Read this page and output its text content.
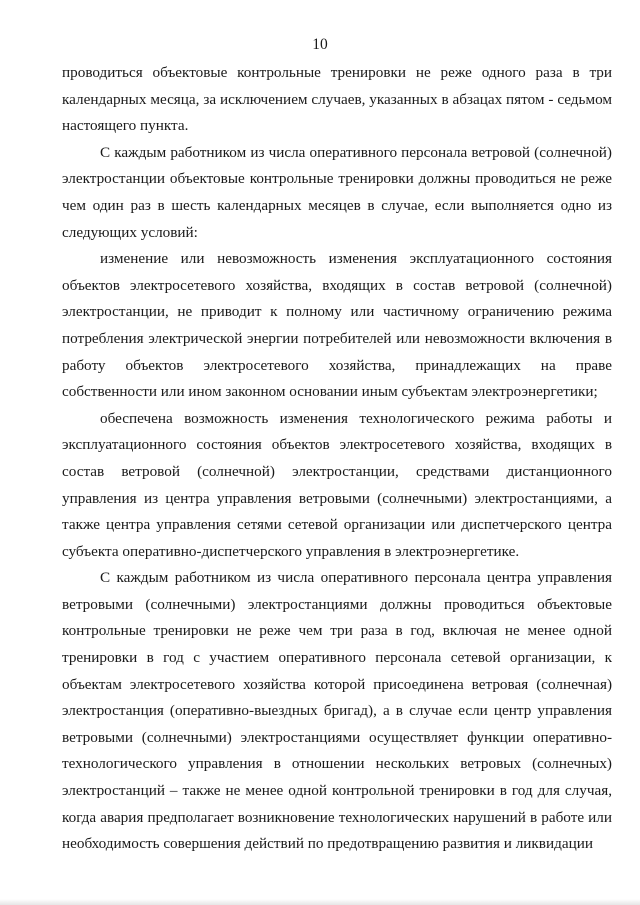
10

проводиться объектовые контрольные тренировки не реже одного раза в три календарных месяца, за исключением случаев, указанных в абзацах пятом - седьмом настоящего пункта.

С каждым работником из числа оперативного персонала ветровой (солнечной) электростанции объектовые контрольные тренировки должны проводиться не реже чем один раз в шесть календарных месяцев в случае, если выполняется одно из следующих условий:

изменение или невозможность изменения эксплуатационного состояния объектов электросетевого хозяйства, входящих в состав ветровой (солнечной) электростанции, не приводит к полному или частичному ограничению режима потребления электрической энергии потребителей или невозможности включения в работу объектов электросетевого хозяйства, принадлежащих на праве собственности или ином законном основании иным субъектам электроэнергетики;

обеспечена возможность изменения технологического режима работы и эксплуатационного состояния объектов электросетевого хозяйства, входящих в состав ветровой (солнечной) электростанции, средствами дистанционного управления из центра управления ветровыми (солнечными) электростанциями, а также центра управления сетями сетевой организации или диспетчерского центра субъекта оперативно-диспетчерского управления в электроэнергетике.

С каждым работником из числа оперативного персонала центра управления ветровыми (солнечными) электростанциями должны проводиться объектовые контрольные тренировки не реже чем три раза в год, включая не менее одной тренировки в год с участием оперативного персонала сетевой организации, к объектам электросетевого хозяйства которой присоединена ветровая (солнечная) электростанция (оперативно-выездных бригад), а в случае если центр управления ветровыми (солнечными) электростанциями осуществляет функции оперативно-технологического управления в отношении нескольких ветровых (солнечных) электростанций – также не менее одной контрольной тренировки в год для случая, когда авария предполагает возникновение технологических нарушений в работе или необходимость совершения действий по предотвращению развития и ликвидации
